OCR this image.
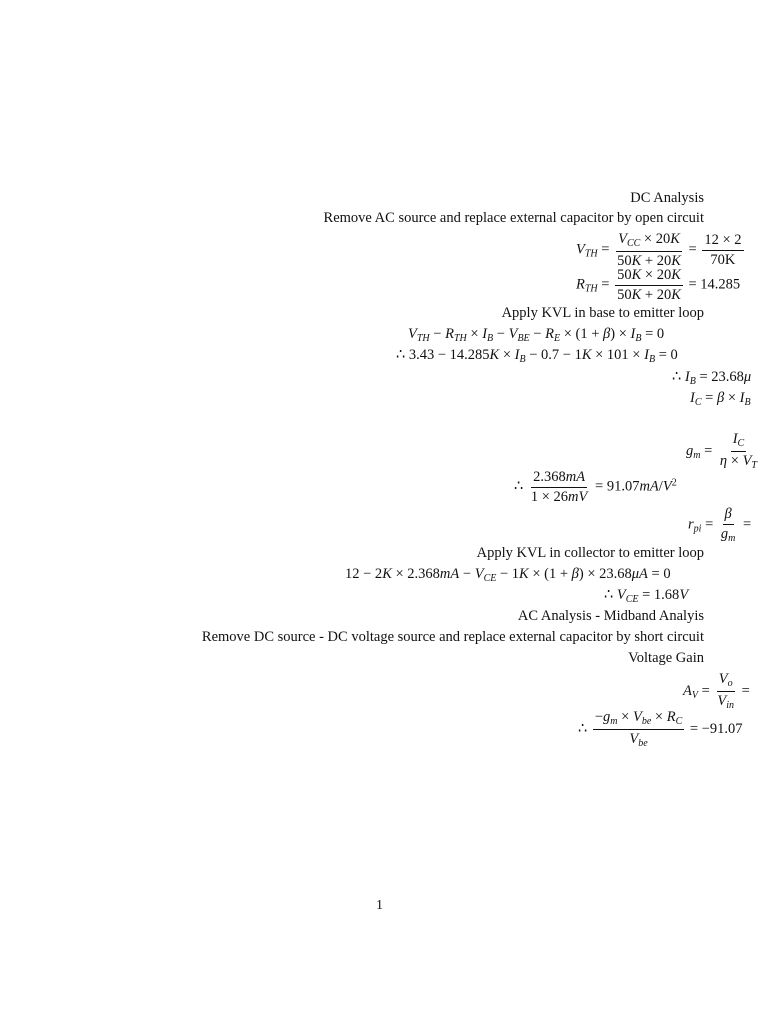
DC Analysis
Remove AC source and replace external capacitor by open circuit
$V_{TH} = \frac{V_{CC} \times 20K}{50K + 20K} = \frac{12 \times 2}{70K}$
$R_{TH} = \frac{50K \times 20K}{50K + 20K} = 14.285$
Apply KVL in base to emitter loop
$V_{TH} - R_{TH} \times I_B - V_{BE} - R_E \times (1 + \beta) \times I_B = 0$
∴ $3.43 - 14.285K \times I_B - 0.7 - 1K \times 101 \times I_B = 0$
∴ $I_B = 23.68\mu$
$I_C = \beta \times I_B$
$g_m = \frac{I_C}{\eta \times V_T}$
∴ $\frac{2.368mA}{1 \times 26mV} = 91.07mA/V^2$
$r_{pi} = \frac{\beta}{g_m}$ =
Apply KVL in collector to emitter loop
$12 - 2K \times 2.368mA - V_{CE} - 1K \times (1 + \beta) \times 23.68\mu A = 0$
∴ $V_{CE} = 1.68V$
AC Analysis - Midband Analyis
Remove DC source - DC voltage source and replace external capacitor by short circuit
Voltage Gain
$A_V = \frac{V_o}{V_{in}}$ =
∴ $\frac{-g_m \times V_{be} \times R_C}{V_{be}} = -91.07$
1
